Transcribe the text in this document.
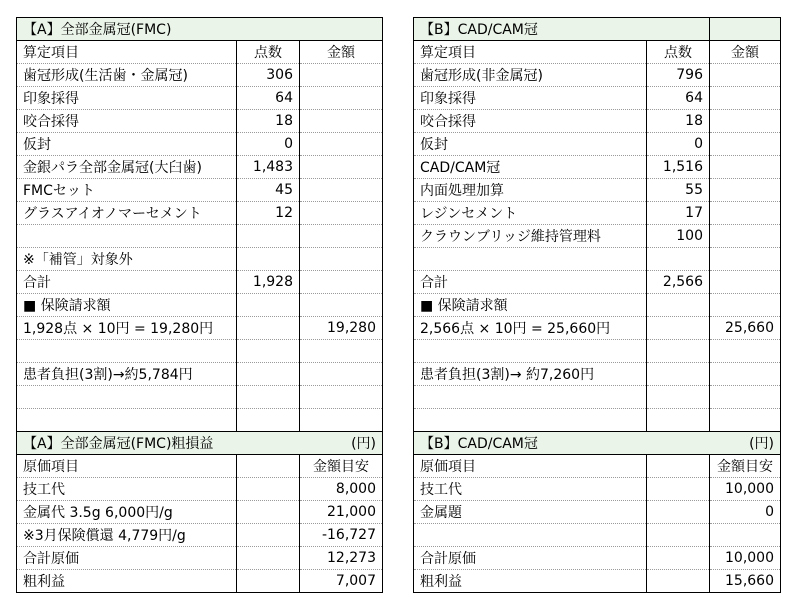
【A】全部金属冠(FMC)		
算定項目	点数	金額
歯冠形成(生活歯・金属冠)	306	
印象採得	64	
咬合採得	18	
仮封	0	
金銀パラ全部金属冠(大臼歯)	1,483	
FMCセット	45	
グラスアイオノマーセメント	12	

※「補管」対象外		
合計	1,928	
■ 保険請求額		
1,928点 × 10円 = 19,280円		19,280

患者負担(3割)→約5,784円		

【A】全部金属冠(FMC)粗損益		(円)
原価項目		金額目安
技工代		8,000
金属代 3.5g 6,000円/g		21,000
※3月保険償還 4,779円/g		-16,727
合計原価		12,273
粗利益		7,007
【B】CAD/CAM冠		
算定項目	点数	金額
歯冠形成(非金属冠)	796	
印象採得	64	
咬合採得	18	
仮封	0	
CAD/CAM冠	1,516	
内面処理加算	55	
レジンセメント	17	
クラウンブリッジ維持管理料	100	

合計	2,566	
■ 保険請求額		
2,566点 × 10円 = 25,660円		25,660

患者負担(3割)→ 約7,260円		

【B】CAD/CAM冠		(円)
原価項目		金額目安
技工代		10,000
金属題		0

合計原価		10,000
粗利益		15,660
